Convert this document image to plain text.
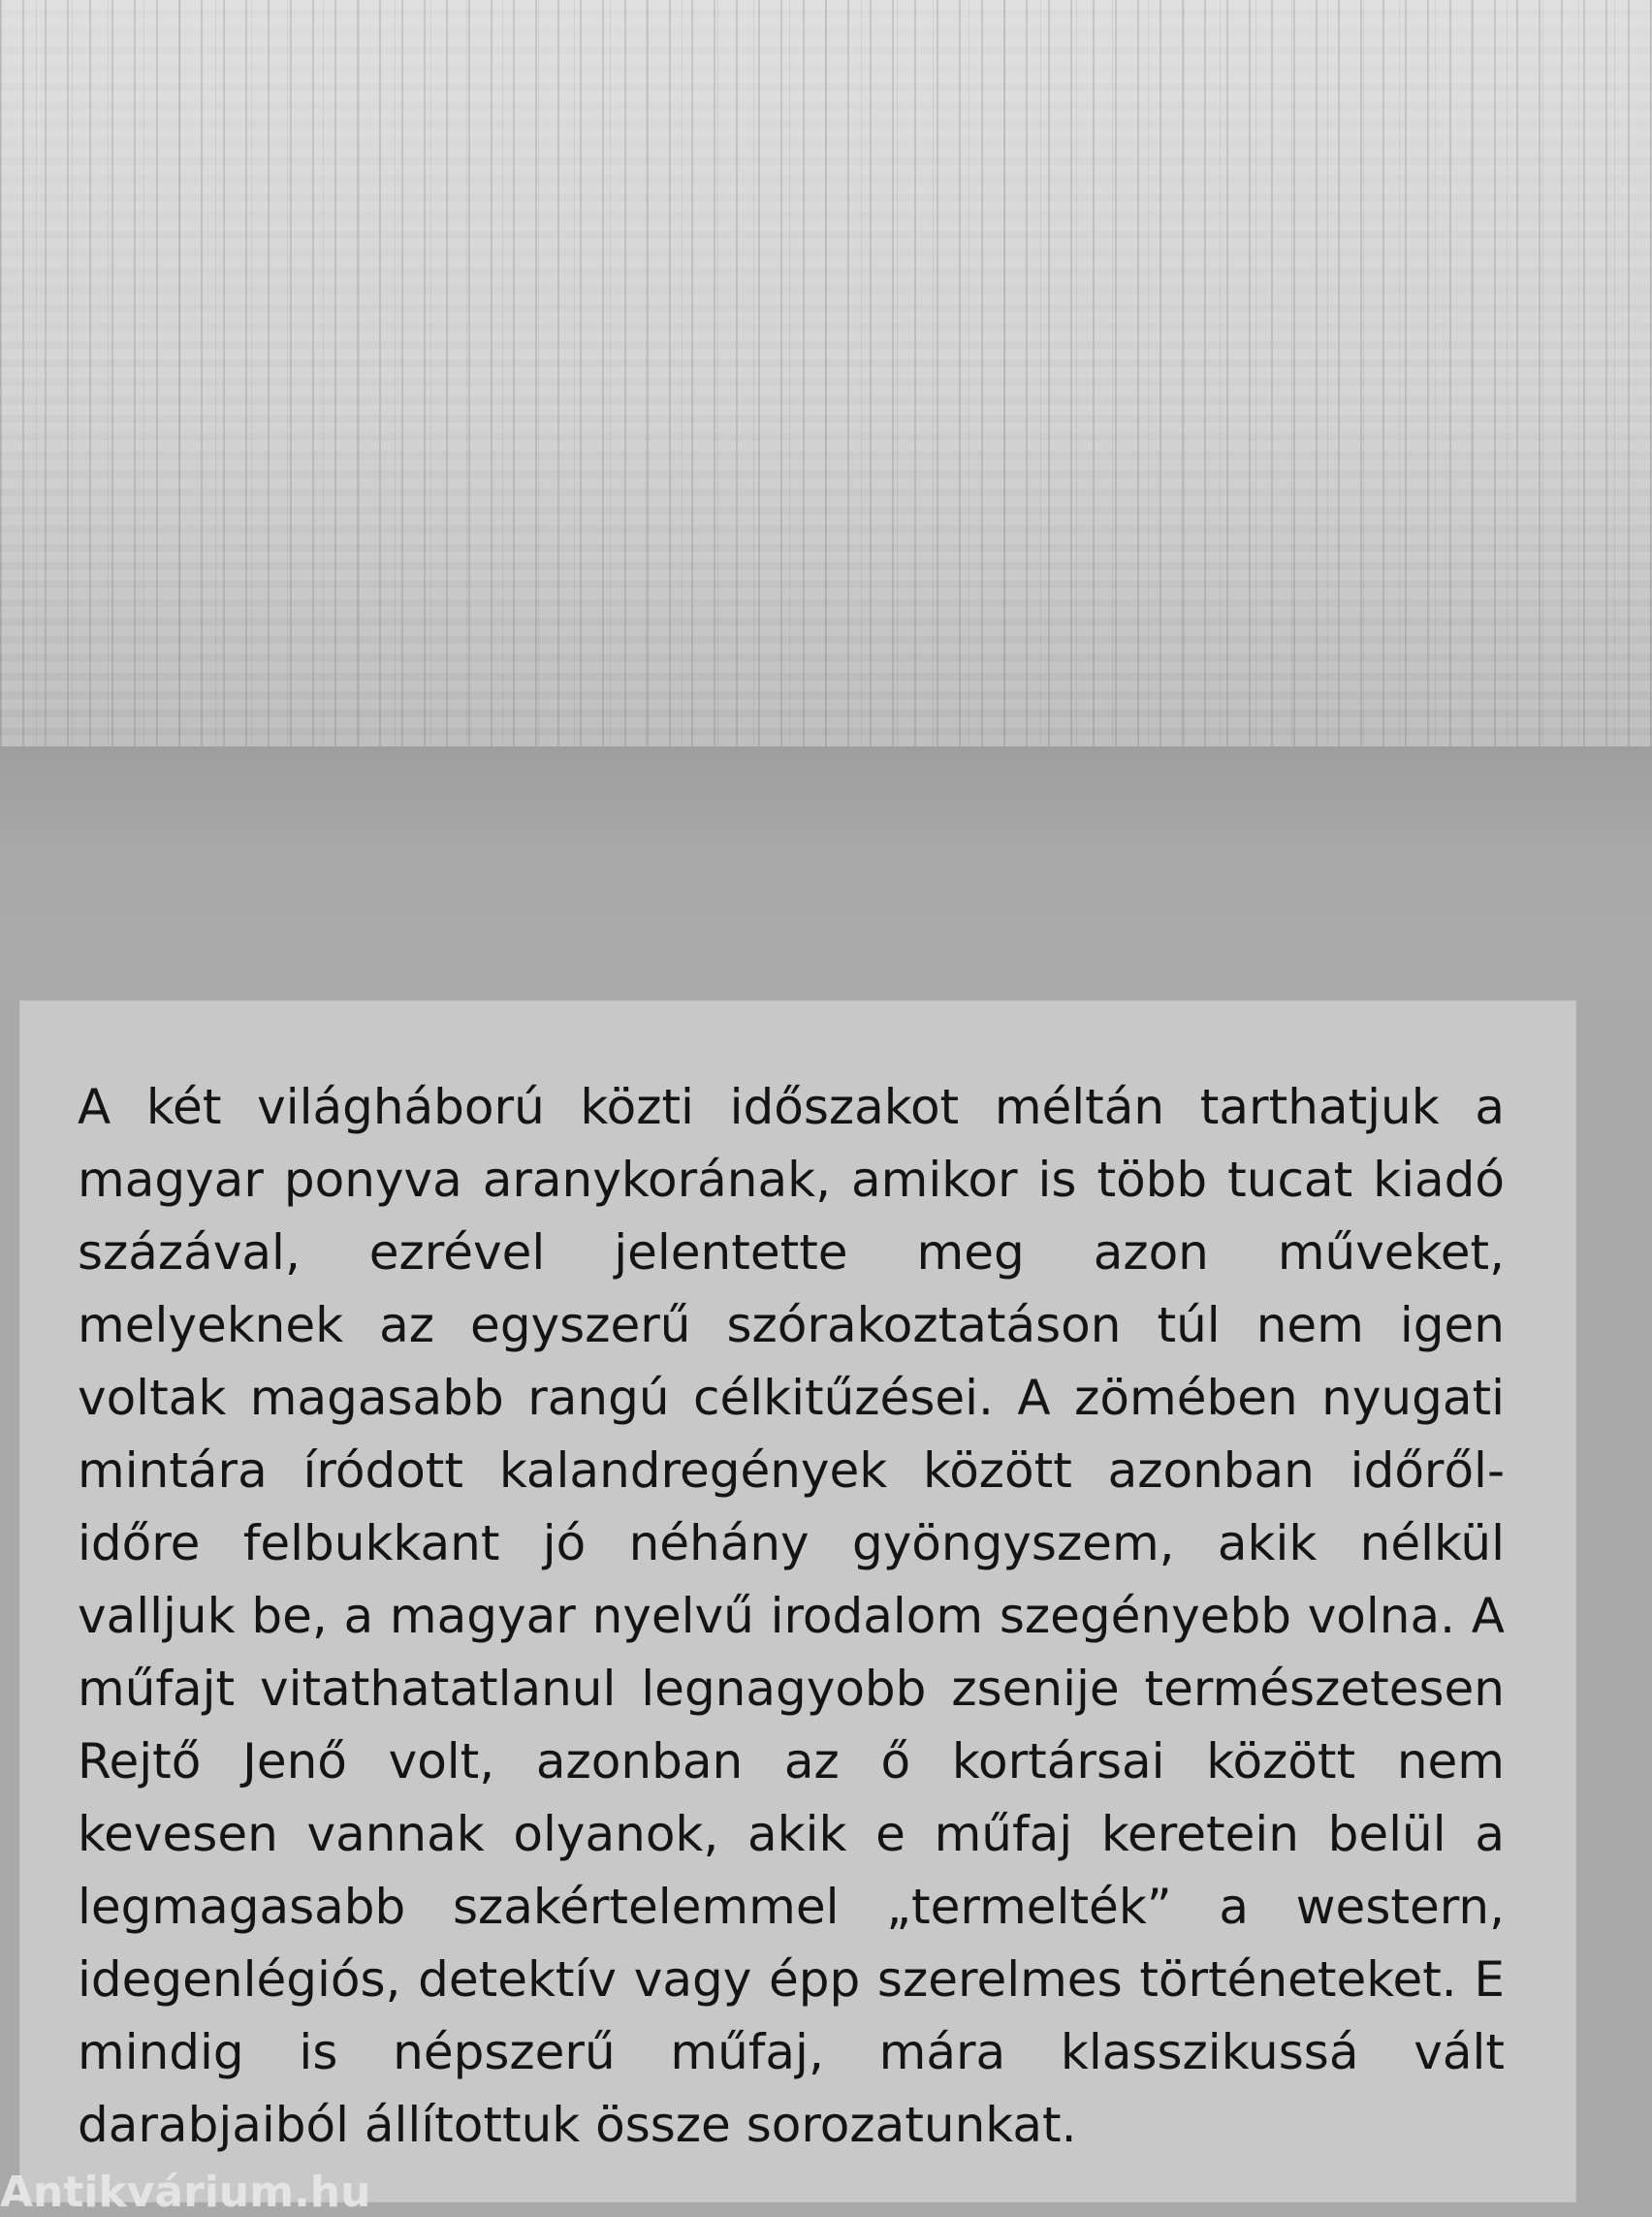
A két világháború közti időszakot méltán tarthatjuk a magyar ponyva aranykorának, amikor is több tucat kiadó százával, ezrével jelentette meg azon műveket, melyeknek az egyszerű szórakoztatáson túl nem igen voltak magasabb rangú célkitűzései. A zömében nyugati mintára íródott kalandregények között azonban időről-időre felbukkant jó néhány gyöngyszem, akik nélkül valljuk be, a magyar nyelvű irodalom szegényebb volna. A műfajt vitathatatlanul legnagyobb zsenije természetesen Rejtő Jenő volt, azonban az ő kortársai között nem kevesen vannak olyanok, akik e műfaj keretein belül a legmagasabb szakértelemmel „termelték” a western, idegenlégiós, detektív vagy épp szerelmes történeteket. E mindig is népszerű műfaj, mára klasszikussá vált darabjaiból állítottuk össze sorozatunkat.

Antikvárium.hu
